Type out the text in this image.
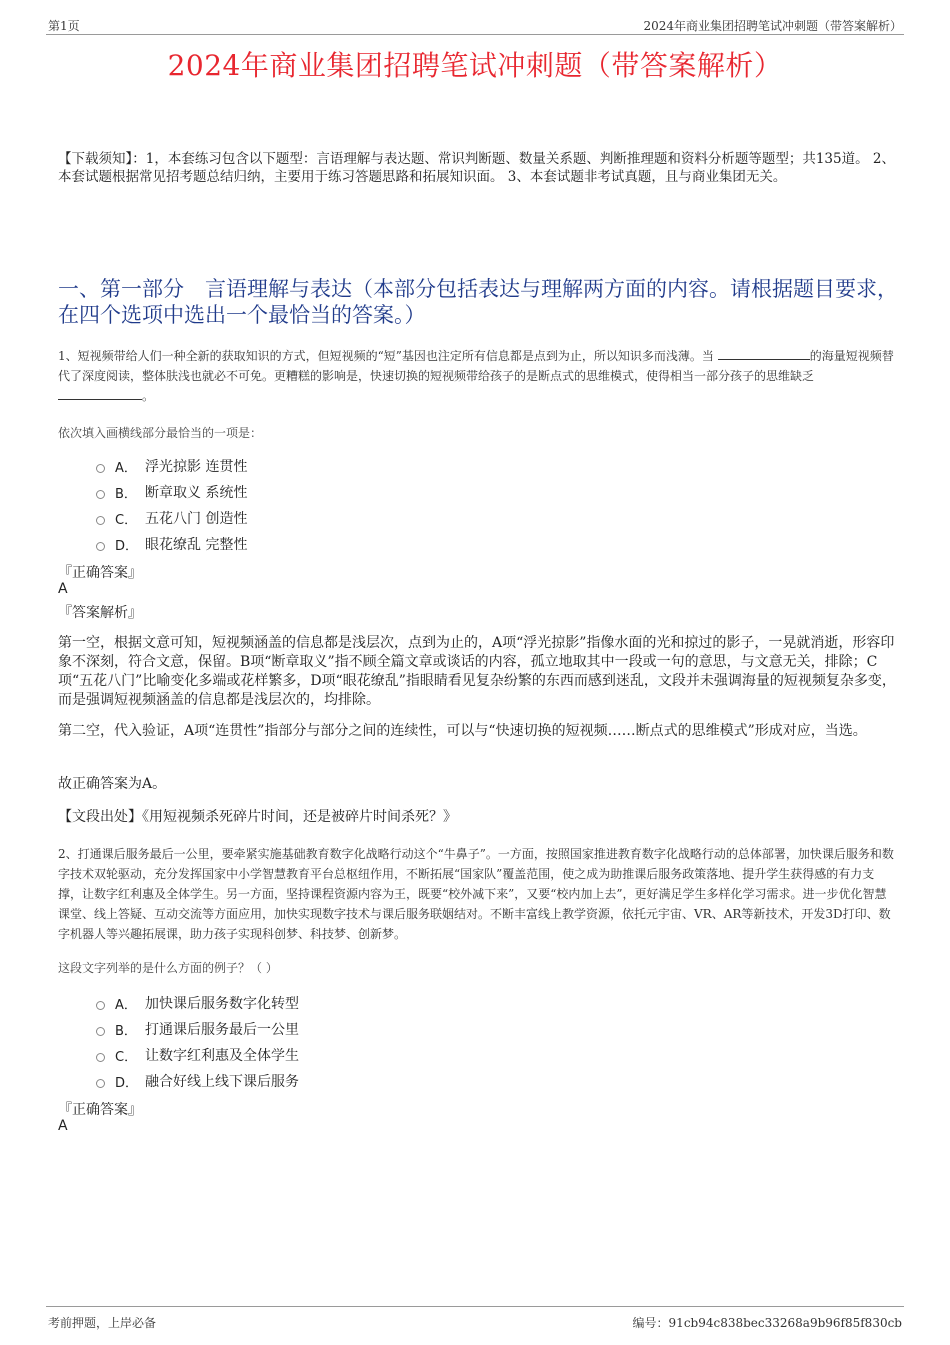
第1页	2024年商业集团招聘笔试冲刺题（带答案解析）
2024年商业集团招聘笔试冲刺题（带答案解析）
【下载须知】：1，本套练习包含以下题型：言语理解与表达题、常识判断题、数量关系题、判断推理题和资料分析题等题型；共135道。 2、本套试题根据常见招考题总结归纳，主要用于练习答题思路和拓展知识面。 3、本套试题非考试真题，且与商业集团无关。
一、第一部分　言语理解与表达（本部分包括表达与理解两方面的内容。请根据题目要求，在四个选项中选出一个最恰当的答案。）
1、短视频带给人们一种全新的获取知识的方式，但短视频的“短”基因也注定所有信息都是点到为止，所以知识多而浅薄。当	的海量短视频替代了深度阅读，整体肤浅也就必不可免。更糟糕的影响是，快速切换的短视频带给孩子的是断点式的思维模式，使得相当一部分孩子的思维缺乏 。
依次填入画横线部分最恰当的一项是：
A． 浮光掠影 连贯性
B． 断章取义 系统性
C． 五花八门 创造性
D． 眼花缭乱 完整性
『正确答案』
A
『答案解析』
第一空，根据文意可知，短视频涵盖的信息都是浅层次，点到为止的，A项“浮光掠影”指像水面的光和掠过的影子，一晃就消逝，形容印象不深刻，符合文意，保留。B项“断章取义”指不顾全篇文章或谈话的内容，孤立地取其中一段或一句的意思，与文意无关，排除；C项“五花八门”比喻变化多端或花样繁多，D项“眼花缭乱”指眼睛看见复杂纷繁的东西而感到迷乱，文段并未强调海量的短视频复杂多变，而是强调短视频涵盖的信息都是浅层次的，均排除。
第二空，代入验证，A项“连贯性”指部分与部分之间的连续性，可以与“快速切换的短视频……断点式的思维模式”形成对应，当选。
故正确答案为A。
【文段出处】《用短视频杀死碎片时间，还是被碎片时间杀死？》
2、打通课后服务最后一公里，要牵紧实施基础教育数字化战略行动这个“牛鼻子”。一方面，按照国家推进教育数字化战略行动的总体部署，加快课后服务和数字技术双轮驱动，充分发挥国家中小学智慧教育平台总枢纽作用，不断拓展“国家队”覆盖范围，使之成为助推课后服务政策落地、提升学生获得感的有力支撑，让数字红利惠及全体学生。另一方面，坚持课程资源内容为王，既要“校外减下来”，又要“校内加上去”，更好满足学生多样化学习需求。进一步优化智慧课堂、线上答疑、互动交流等方面应用，加快实现数字技术与课后服务联姻结对。不断丰富线上教学资源，依托元宇宙、VR、AR等新技术，开发3D打印、数字机器人等兴趣拓展课，助力孩子实现科创梦、科技梦、创新梦。
这段文字列举的是什么方面的例子？（ ）
A． 加快课后服务数字化转型
B． 打通课后服务最后一公里
C． 让数字红利惠及全体学生
D． 融合好线上线下课后服务
『正确答案』
A
考前押题，上岸必备	编号：91cb94c838bec33268a9b96f85f830cb
